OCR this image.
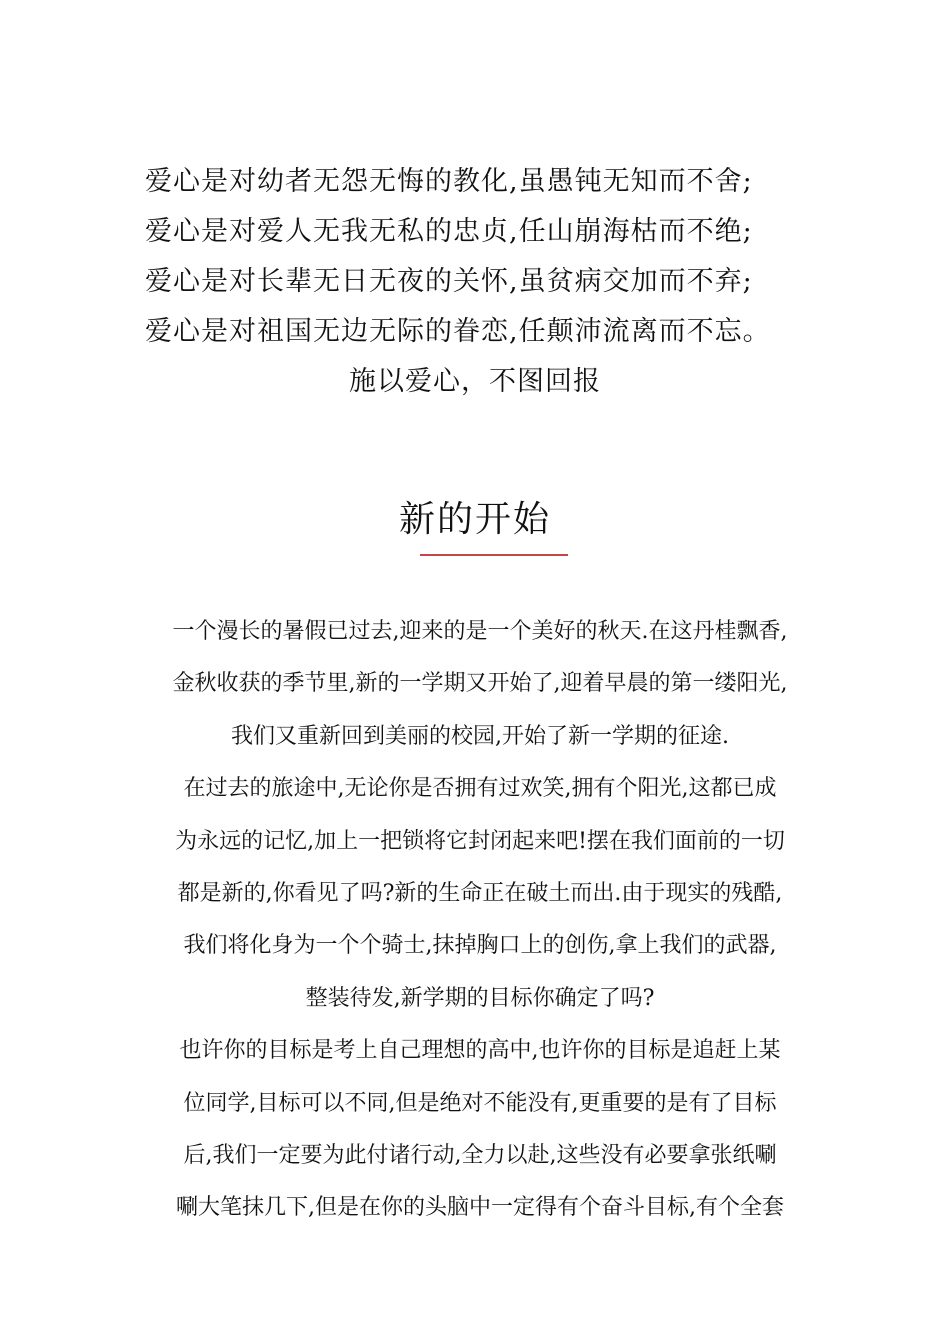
爱心是对幼者无怨无悔的教化,虽愚钝无知而不舍;
爱心是对爱人无我无私的忠贞,任山崩海枯而不绝;
爱心是对长辈无日无夜的关怀,虽贫病交加而不弃;
爱心是对祖国无边无际的眷恋,任颠沛流离而不忘。
施以爱心，不图回报
新的开始
一个漫长的暑假已过去,迎来的是一个美好的秋天.在这丹桂飘香,
金秋收获的季节里,新的一学期又开始了,迎着早晨的第一缕阳光,
我们又重新回到美丽的校园,开始了新一学期的征途.
在过去的旅途中,无论你是否拥有过欢笑,拥有个阳光,这都已成
为永远的记忆,加上一把锁将它封闭起来吧!摆在我们面前的一切
都是新的,你看见了吗?新的生命正在破土而出.由于现实的残酷,
我们将化身为一个个骑士,抹掉胸口上的创伤,拿上我们的武器,
整装待发,新学期的目标你确定了吗?
也许你的目标是考上自己理想的高中,也许你的目标是追赶上某
位同学,目标可以不同,但是绝对不能没有,更重要的是有了目标
后,我们一定要为此付诸行动,全力以赴,这些没有必要拿张纸唰
唰大笔抹几下,但是在你的头脑中一定得有个奋斗目标,有个全套
